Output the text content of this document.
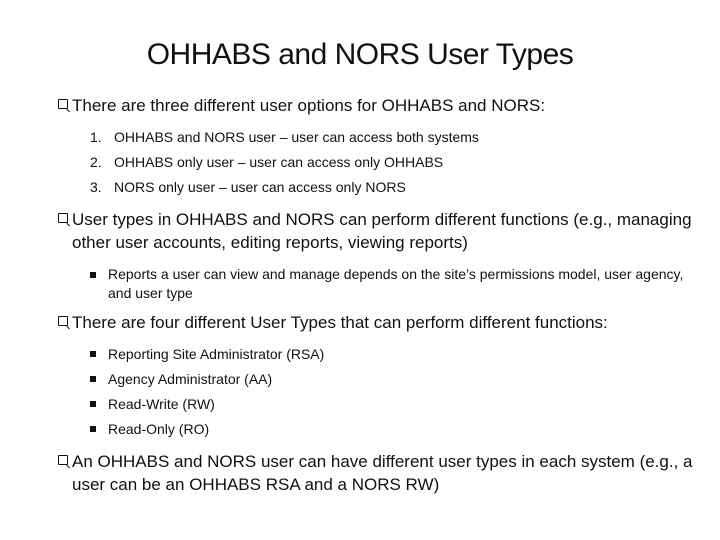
OHHABS and NORS User Types
There are three different user options for OHHABS and NORS:
1. OHHABS and NORS user – user can access both systems
2. OHHABS only user – user can access only OHHABS
3. NORS only user – user can access only NORS
User types in OHHABS and NORS can perform different functions (e.g., managing other user accounts, editing reports, viewing reports)
Reports a user can view and manage depends on the site’s permissions model, user agency, and user type
There are four different User Types that can perform different functions:
Reporting Site Administrator (RSA)
Agency Administrator (AA)
Read-Write (RW)
Read-Only (RO)
An OHHABS and NORS user can have different user types in each system (e.g., a user can be an OHHABS RSA and a NORS RW)
